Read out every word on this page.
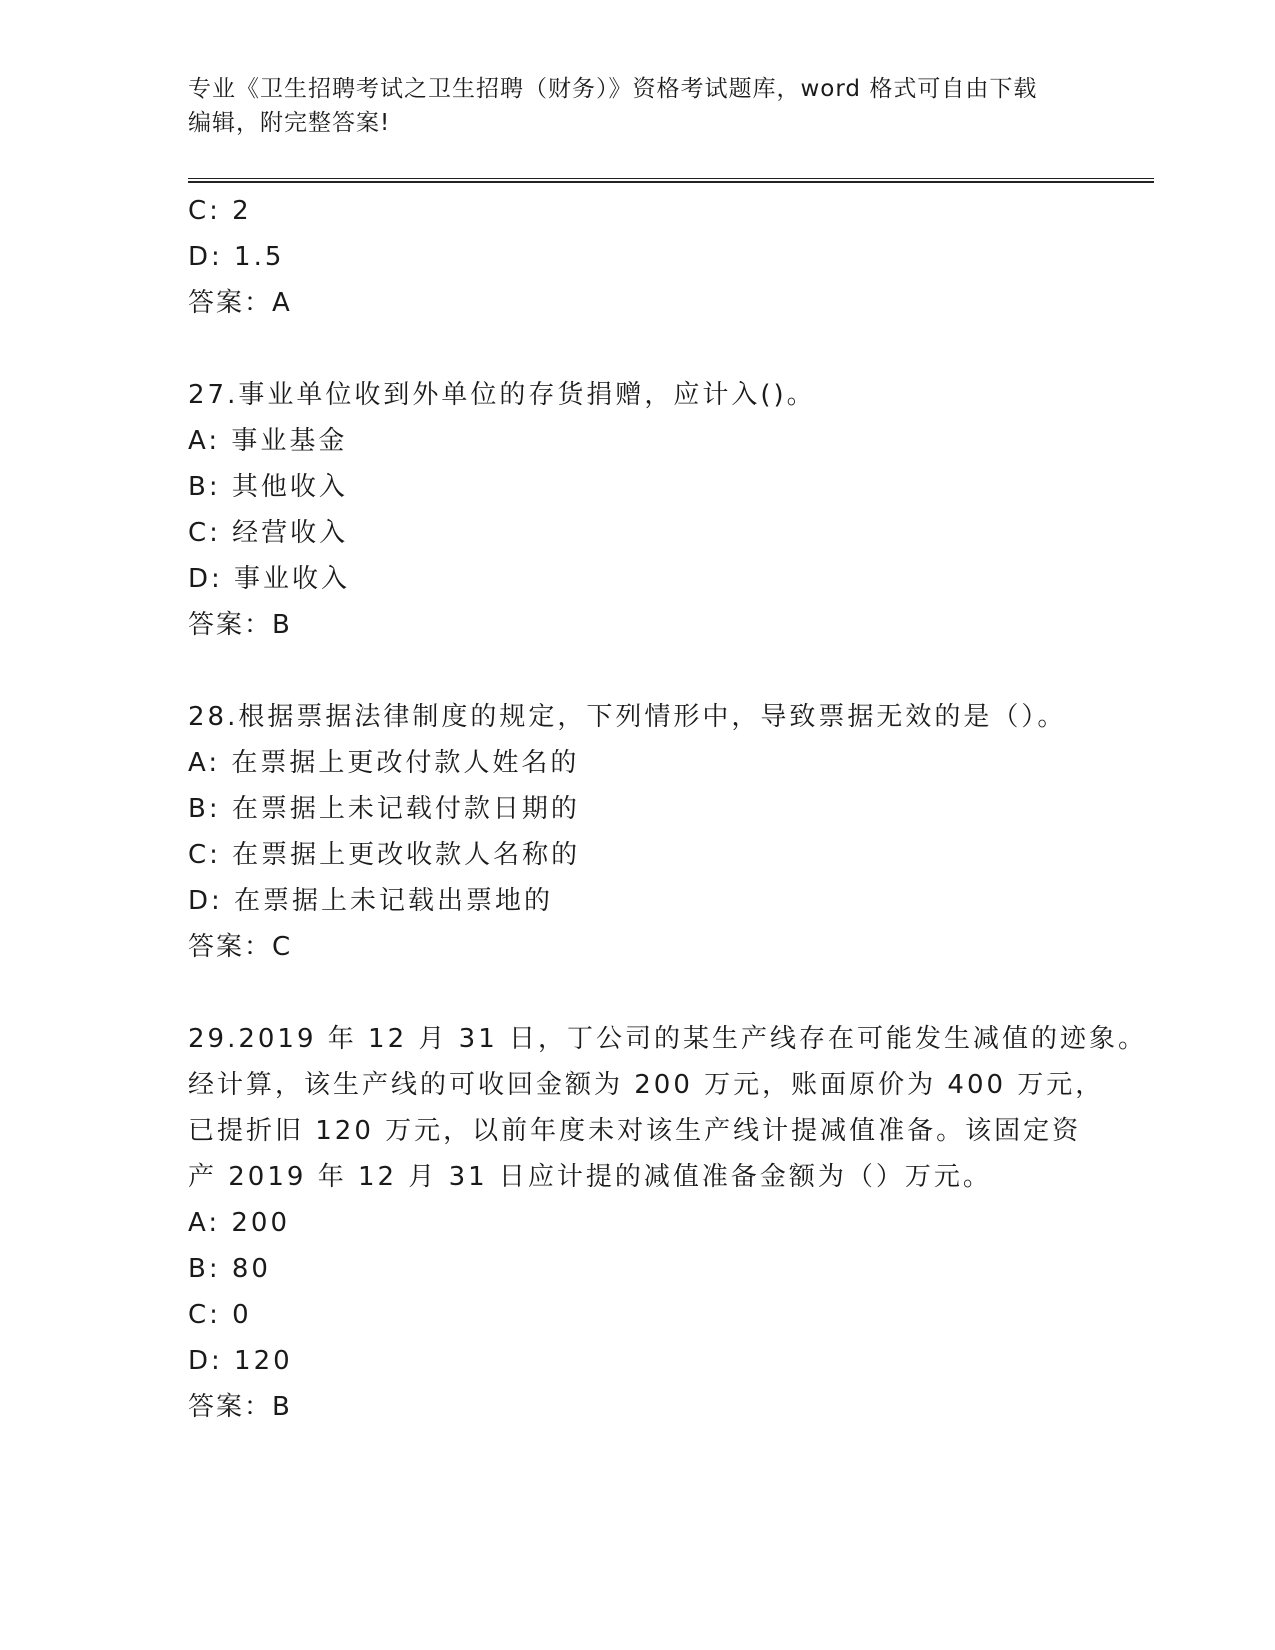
专业《卫生招聘考试之卫生招聘（财务）》资格考试题库，word 格式可自由下载
编辑，附完整答案!
C: 2
D: 1.5
答案：A
27.事业单位收到外单位的存货捐赠，应计入()。
A: 事业基金
B: 其他收入
C: 经营收入
D: 事业收入
答案：B
28.根据票据法律制度的规定，下列情形中，导致票据无效的是（）。
A: 在票据上更改付款人姓名的
B: 在票据上未记载付款日期的
C: 在票据上更改收款人名称的
D: 在票据上未记载出票地的
答案：C
29.2019 年 12 月 31 日，丁公司的某生产线存在可能发生减值的迹象。
经计算，该生产线的可收回金额为 200 万元，账面原价为 400 万元，
已提折旧 120 万元，以前年度未对该生产线计提减值准备。该固定资
产 2019 年 12 月 31 日应计提的减值准备金额为（）万元。
A: 200
B: 80
C: 0
D: 120
答案：B
